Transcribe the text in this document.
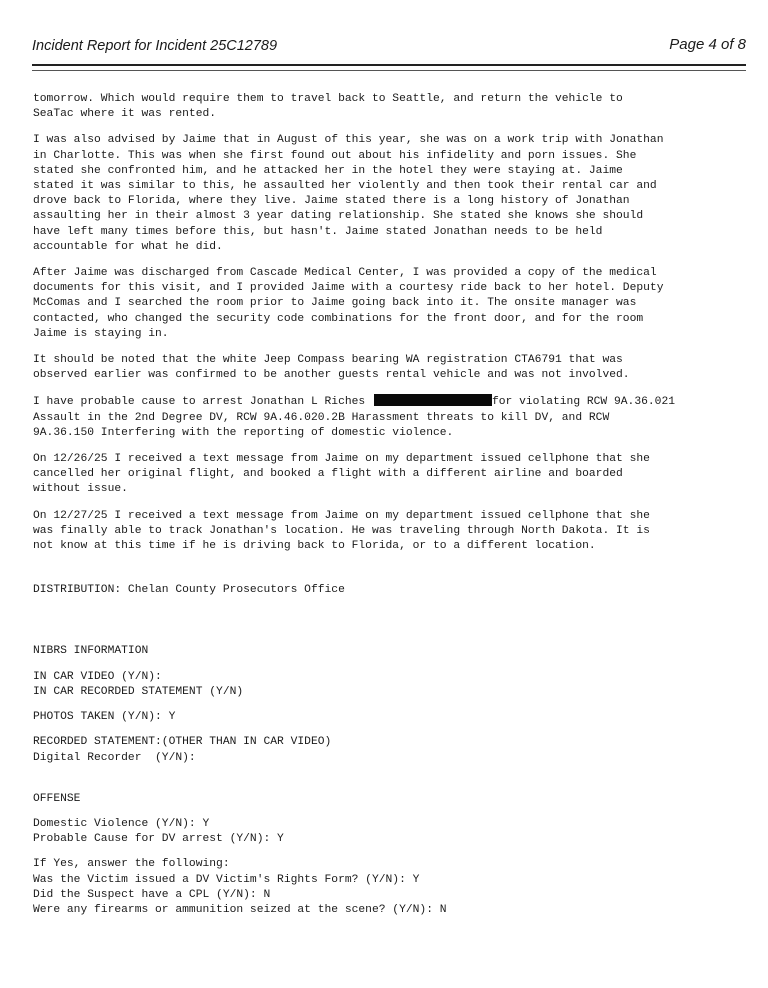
Incident Report for Incident 25C12789	Page 4 of 8
tomorrow. Which would require them to travel back to Seattle, and return the vehicle to
SeaTac where it was rented.
I was also advised by Jaime that in August of this year, she was on a work trip with Jonathan
in Charlotte. This was when she first found out about his infidelity and porn issues. She
stated she confronted him, and he attacked her in the hotel they were staying at. Jaime
stated it was similar to this, he assaulted her violently and then took their rental car and
drove back to Florida, where they live. Jaime stated there is a long history of Jonathan
assaulting her in their almost 3 year dating relationship. She stated she knows she should
have left many times before this, but hasn't. Jaime stated Jonathan needs to be held
accountable for what he did.
After Jaime was discharged from Cascade Medical Center, I was provided a copy of the medical
documents for this visit, and I provided Jaime with a courtesy ride back to her hotel. Deputy
McComas and I searched the room prior to Jaime going back into it. The onsite manager was
contacted, who changed the security code combinations for the front door, and for the room
Jaime is staying in.
It should be noted that the white Jeep Compass bearing WA registration CTA6791 that was
observed earlier was confirmed to be another guests rental vehicle and was not involved.
I have probable cause to arrest Jonathan L Riches	for violating RCW 9A.36.021
Assault in the 2nd Degree DV, RCW 9A.46.020.2B Harassment threats to kill DV, and RCW
9A.36.150 Interfering with the reporting of domestic violence.
On 12/26/25 I received a text message from Jaime on my department issued cellphone that she
cancelled her original flight, and booked a flight with a different airline and boarded
without issue.
On 12/27/25 I received a text message from Jaime on my department issued cellphone that she
was finally able to track Jonathan's location. He was traveling through North Dakota. It is
not know at this time if he is driving back to Florida, or to a different location.
DISTRIBUTION: Chelan County Prosecutors Office
NIBRS INFORMATION
IN CAR VIDEO (Y/N):
IN CAR RECORDED STATEMENT (Y/N)
PHOTOS TAKEN (Y/N): Y
RECORDED STATEMENT:(OTHER THAN IN CAR VIDEO)
Digital Recorder  (Y/N):
OFFENSE
Domestic Violence (Y/N): Y
Probable Cause for DV arrest (Y/N): Y
If Yes, answer the following:
Was the Victim issued a DV Victim's Rights Form? (Y/N): Y
Did the Suspect have a CPL (Y/N): N
Were any firearms or ammunition seized at the scene? (Y/N): N
